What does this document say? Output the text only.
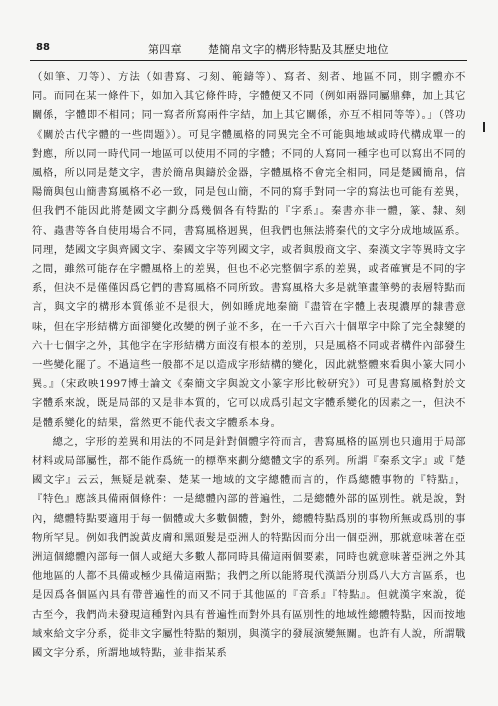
88	第四章 楚簡帛文字的構形特點及其歷史地位

（如筆、刀等）、方法（如書寫、刁刻、範鑄等）、寫者、刻者、地區不同，則字體亦不同。而同在某一條件下，如加入其它條件時，字體便又不同（例如兩器同屬鼎彝，加上其它關係，字體即不相同；同一寫者所寫兩件字結，加上其它關係，亦互不相同等等）。」（啓功《關於古代字體的一些問題》）。可見字體風格的同異完全不可能與地域或時代構成單一的對應，所以同一時代同一地區可以使用不同的字體；不同的人寫同一種字也可以寫出不同的風格，所以同是楚文字，書於簡帛與鑄於金器，字體風格不會完全相同，同是楚國簡帛，信陽簡與包山簡書寫風格不必一致，同是包山簡，不同的寫手對同一字的寫法也可能有差異，但我們不能因此將楚國文字劃分爲幾個各有特點的『字系』。秦書亦非一體，篆、隸、刻符、蟲書等各自使用場合不同，書寫風格迥異，但我們也無法將秦代的文字分成地域區系。同理，楚國文字與齊國文字、秦國文字等列國文字，或者與殷商文字、秦漢文字等異時文字之間，雖然可能存在字體風格上的差異，但也不必完整個字系的差異，或者確實是不同的字系，但決不是僅僅因爲它們的書寫風格不同所致。書寫風格大多是就筆畫筆勢的表層特點而言，與文字的構形本質係並不是很大，例如睡虎地秦簡『盡管在字體上表現濃厚的隸書意味，但在字形結構方面卻變化改變的例子並不多，在一千六百六十個單字中除了完全隸變的六十七個字之外，其他字在字形結構方面沒有根本的差別，只是風格不同或者構件內部發生一些變化罷了。不過這些一般都不足以造成字形結構的變化，因此就整體來看與小篆大同小異。』（宋政映1997博士論文《秦簡文字與說文小篆字形比較研究》）可見書寫風格對於文字體系來說，既是局部的又是非本質的，它可以成爲引起文字體系變化的因素之一，但決不是體系變化的結果，當然更不能代表文字體系本身。

總之，字形的差異和用法的不同是針對個體字符而言，書寫風格的區別也只適用于局部材料或局部屬性，都不能作爲統一的標準來劃分總體文字的系列。所謂『秦系文字』或『楚國文字』云云，無疑是就秦、楚某一地域的文字總體而言的，作爲總體事物的『特點』，『特色』應該具備兩個條件：一是總體內部的普遍性，二是總體外部的區別性。就是說，對內，總體特點要適用于每一個體或大多數個體，對外，總體特點爲別的事物所無或爲別的事物所罕見。例如我們說黃皮膚和黑頭髮是亞洲人的特點因而分出一個亞洲，那就意味著在亞洲這個總體內部每一個人或絕大多數人都同時具備這兩個要素，同時也就意味著亞洲之外其他地區的人都不具備或極少具備這兩點；我們之所以能將現代漢語分別爲八大方言區系，也是因爲各個區內具有帶普遍性的而又不同于其他區的『音系』『特點』。但就漢字來說，從古至今，我們尚未發現這種對內具有普遍性而對外具有區別性的地域性總體特點，因而按地域來給文字分系，從非文字屬性特點的類別，與漢字的發展演變無關。也許有人說，所謂戰國文字分系，所謂地域特點，並非指某系
